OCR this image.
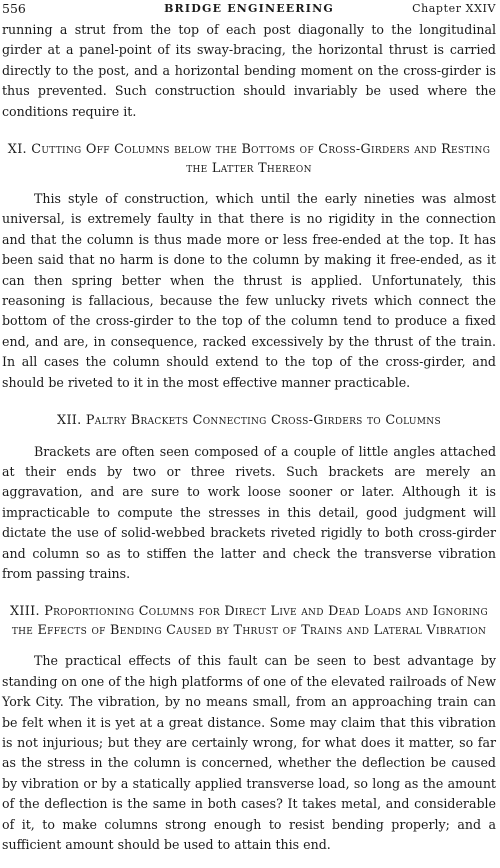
556	BRIDGE ENGINEERING	Chapter XXIV

running a strut from the top of each post diagonally to the longitudinal girder at a panel-point of its sway-bracing, the horizontal thrust is carried directly to the post, and a horizontal bending moment on the cross-girder is thus prevented. Such construction should invariably be used where the conditions require it.

XI. Cutting Off Columns below the Bottoms of Cross-Girders and Resting the Latter Thereon

This style of construction, which until the early nineties was almost universal, is extremely faulty in that there is no rigidity in the connection and that the column is thus made more or less free-ended at the top. It has been said that no harm is done to the column by making it free-ended, as it can then spring better when the thrust is applied. Unfortunately, this reasoning is fallacious, because the few unlucky rivets which connect the bottom of the cross-girder to the top of the column tend to produce a fixed end, and are, in consequence, racked excessively by the thrust of the train. In all cases the column should extend to the top of the cross-girder, and should be riveted to it in the most effective manner practicable.

XII. Paltry Brackets Connecting Cross-Girders to Columns

Brackets are often seen composed of a couple of little angles attached at their ends by two or three rivets. Such brackets are merely an aggravation, and are sure to work loose sooner or later. Although it is impracticable to compute the stresses in this detail, good judgment will dictate the use of solid-webbed brackets riveted rigidly to both cross-girder and column so as to stiffen the latter and check the transverse vibration from passing trains.

XIII. Proportioning Columns for Direct Live and Dead Loads and Ignoring the Effects of Bending Caused by Thrust of Trains and Lateral Vibration

The practical effects of this fault can be seen to best advantage by standing on one of the high platforms of one of the elevated railroads of New York City. The vibration, by no means small, from an approaching train can be felt when it is yet at a great distance. Some may claim that this vibration is not injurious; but they are certainly wrong, for what does it matter, so far as the stress in the column is concerned, whether the deflection be caused by vibration or by a statically applied transverse load, so long as the amount of the deflection is the same in both cases? It takes metal, and considerable of it, to make columns strong enough to resist bending properly; and a sufficient amount should be used to attain this end.
